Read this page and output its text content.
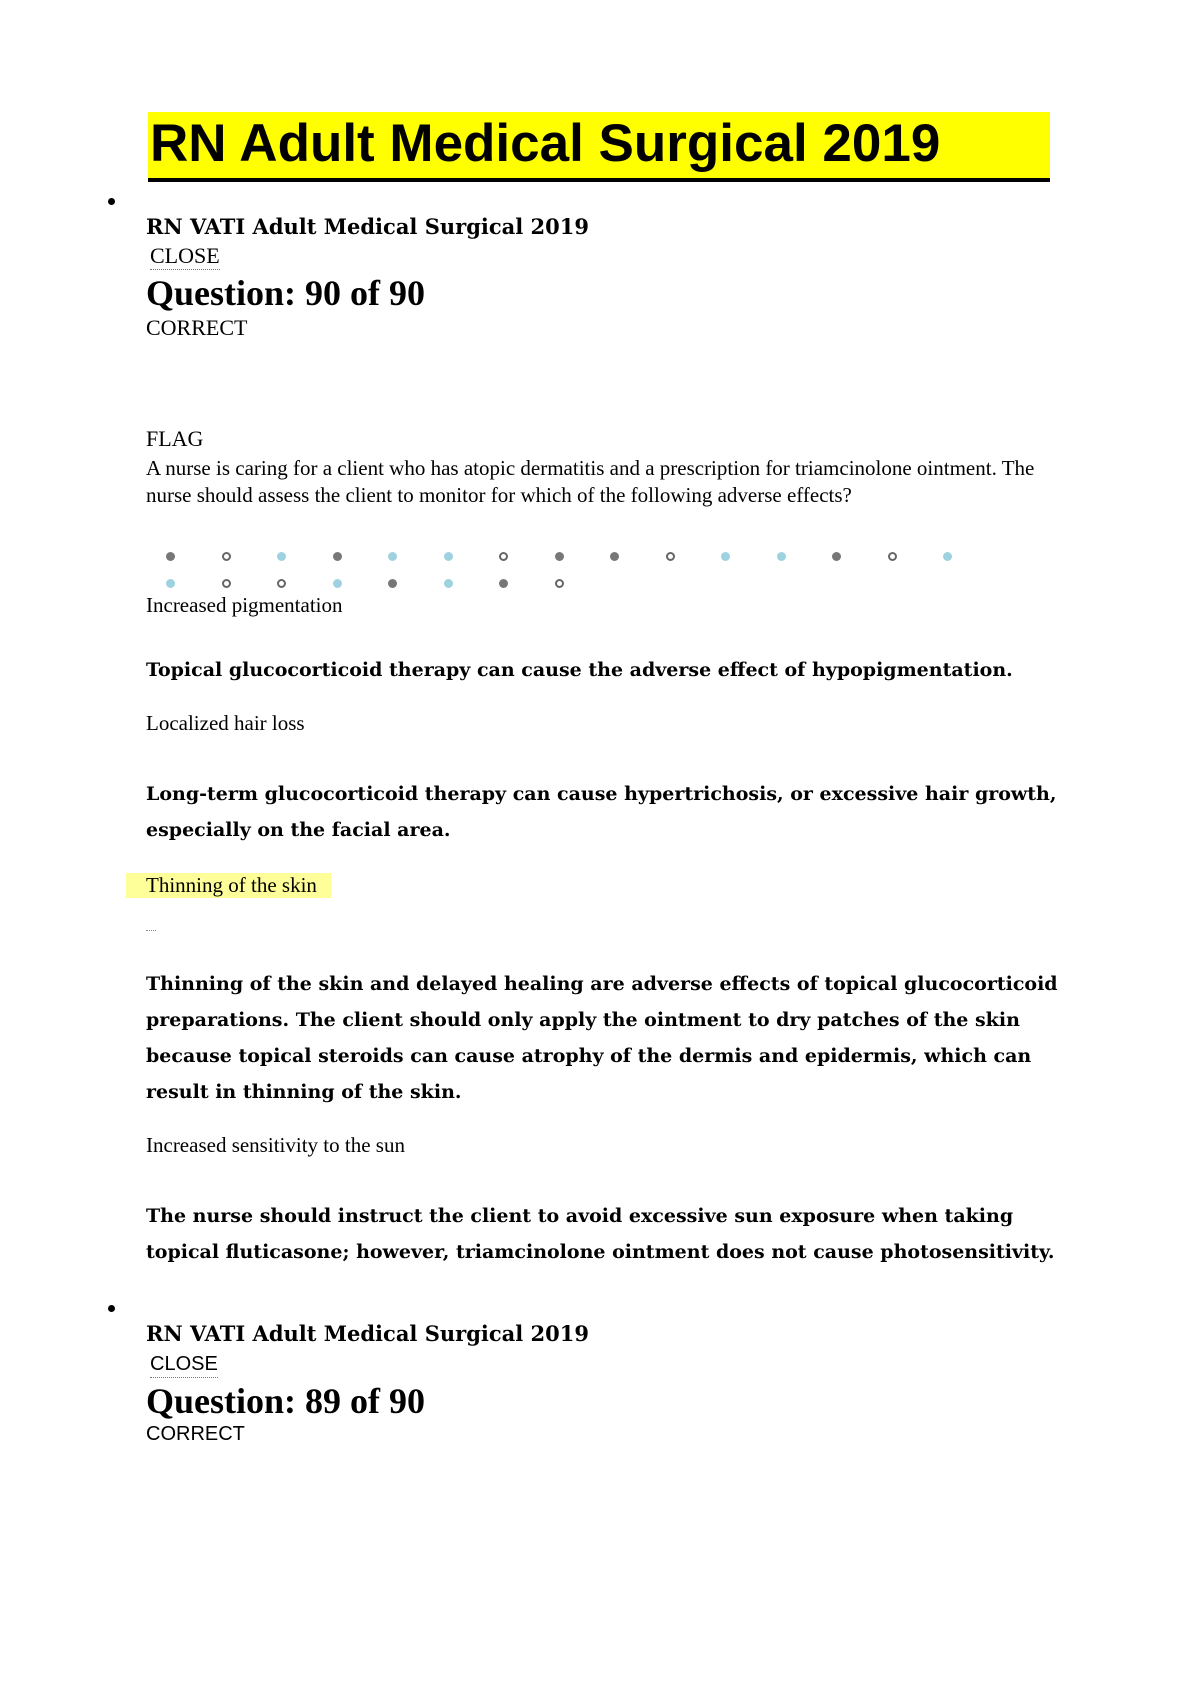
RN Adult Medical Surgical 2019
RN VATI Adult Medical Surgical 2019
CLOSE
Question: 90 of 90
CORRECT
FLAG
A nurse is caring for a client who has atopic dermatitis and a prescription for triamcinolone ointment. The nurse should assess the client to monitor for which of the following adverse effects?
Increased pigmentation
Topical glucocorticoid therapy can cause the adverse effect of hypopigmentation.
Localized hair loss
Long-term glucocorticoid therapy can cause hypertrichosis, or excessive hair growth, especially on the facial area.
Thinning of the skin
Thinning of the skin and delayed healing are adverse effects of topical glucocorticoid preparations. The client should only apply the ointment to dry patches of the skin because topical steroids can cause atrophy of the dermis and epidermis, which can result in thinning of the skin.
Increased sensitivity to the sun
The nurse should instruct the client to avoid excessive sun exposure when taking topical fluticasone; however, triamcinolone ointment does not cause photosensitivity.
RN VATI Adult Medical Surgical 2019
CLOSE
Question: 89 of 90
CORRECT
